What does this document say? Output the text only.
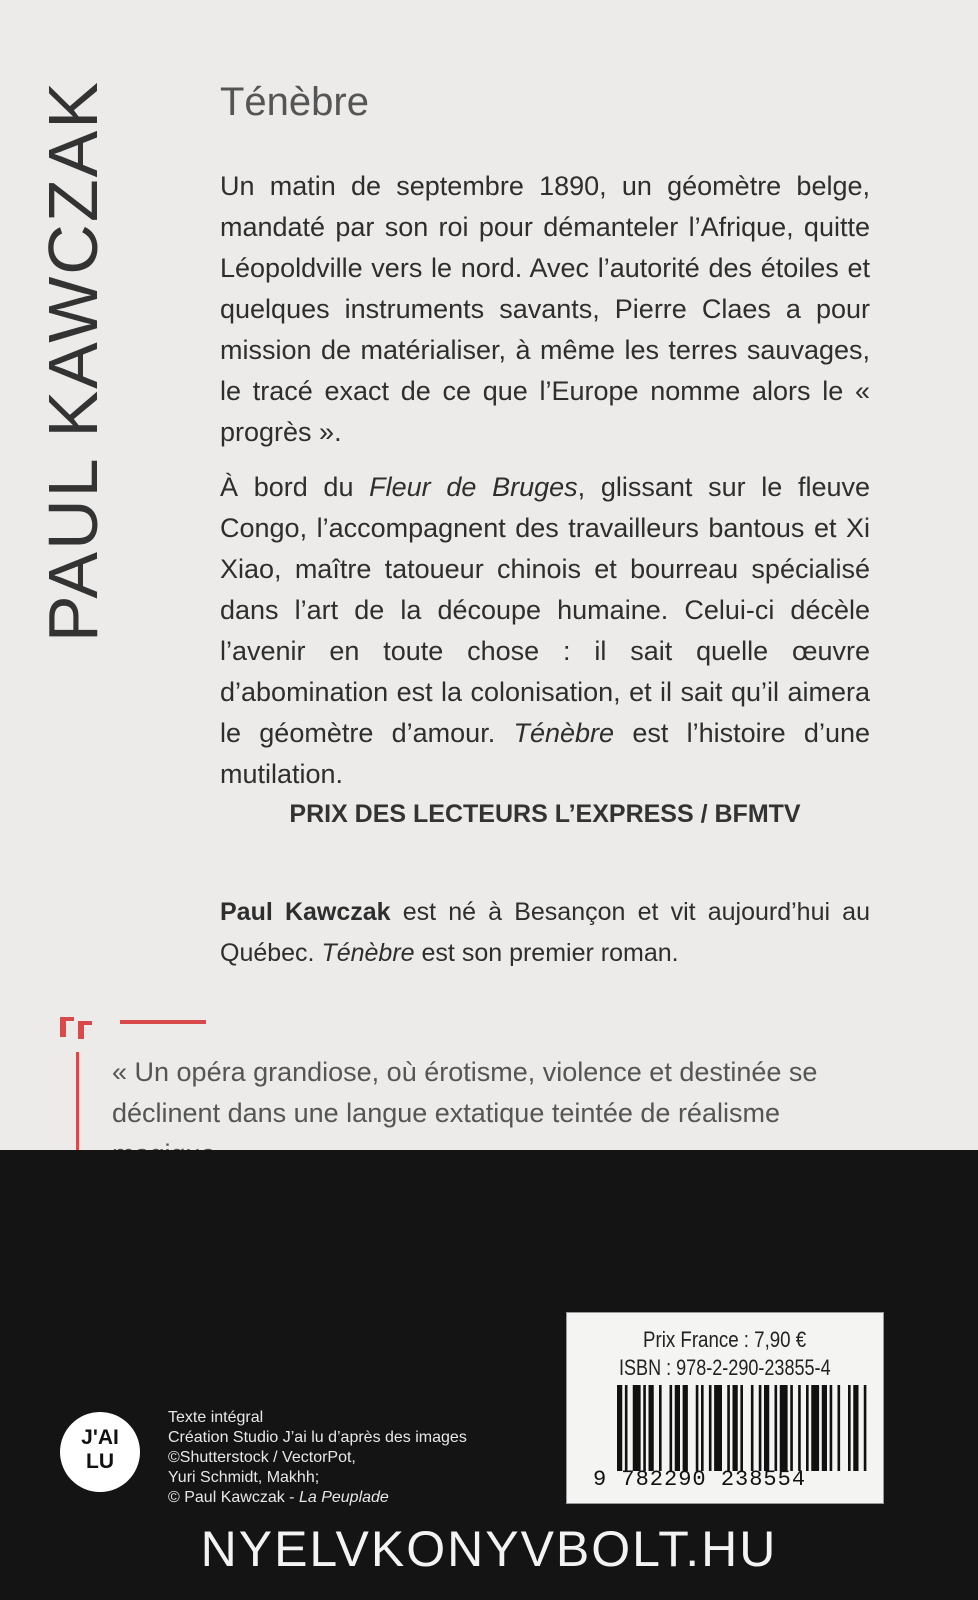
PAUL KAWCZAK	Ténèbre

Un matin de septembre 1890, un géomètre belge, mandaté par son roi pour démanteler l’Afrique, quitte Léopoldville vers le nord. Avec l’autorité des étoiles et quelques instruments savants, Pierre Claes a pour mission de matérialiser, à même les terres sauvages, le tracé exact de ce que l’Europe nomme alors le « progrès ».

À bord du Fleur de Bruges, glissant sur le fleuve Congo, l’accompagnent des travailleurs bantous et Xi Xiao, maître tatoueur chinois et bourreau spécialisé dans l’art de la découpe humaine. Celui-ci décèle l’avenir en toute chose : il sait quelle œuvre d’abomination est la colonisation, et il sait qu’il aimera le géomètre d’amour. Ténèbre est l’histoire d’une mutilation.

PRIX DES LECTEURS L’EXPRESS / BFMTV
Paul Kawczak est né à Besançon et vit aujourd’hui au Québec. Ténèbre est son premier roman.
« Un opéra grandiose, où érotisme, violence et destinée se déclinent dans une langue extatique teintée de réalisme
Prix France : 7,90 €
ISBN : 978-2-290-23855-4
9 782290 238554
J'AI
LU
Texte intégral
Création Studio J’ai lu d’après des images
©Shutterstock / VectorPot,
Yuri Schmidt, Makhh;
© Paul Kawczak - La Peuplade
NYELVKONYVBOLT.HU
